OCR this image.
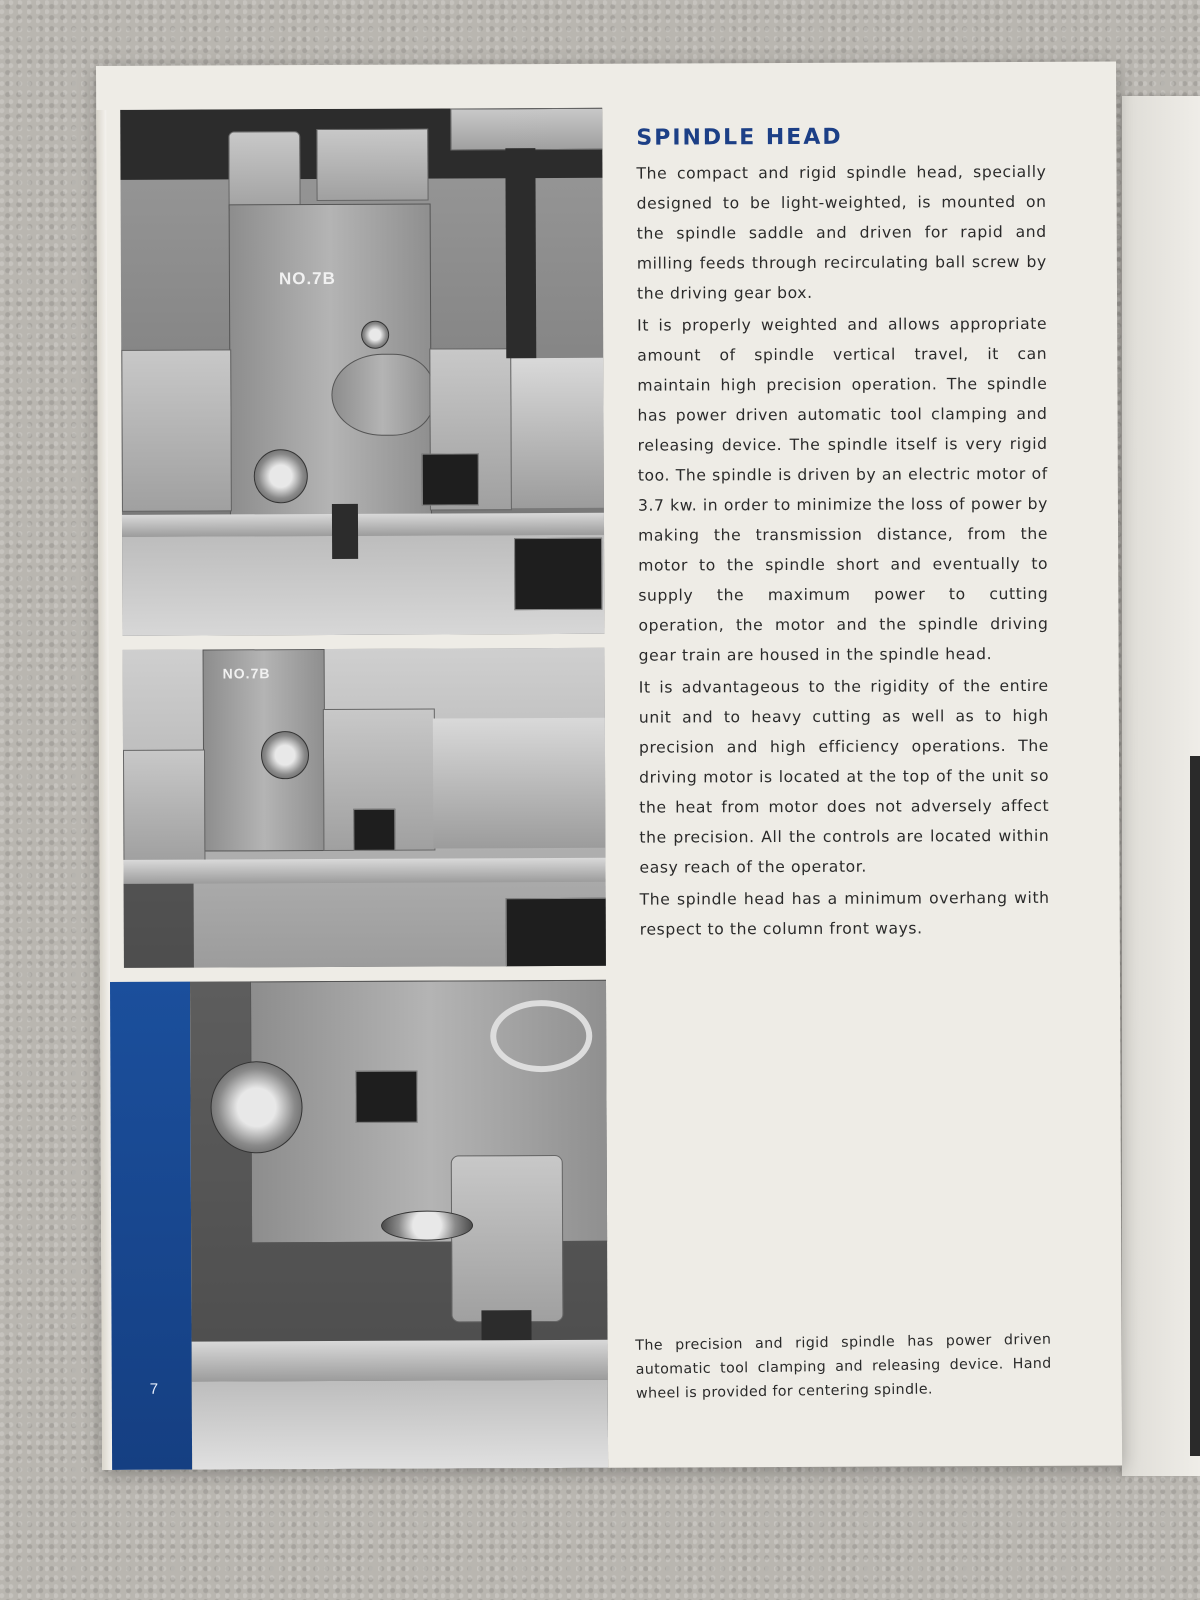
NO.7B
NO.7B
7
SPINDLE HEAD

The compact and rigid spindle head, specially designed to be light-weighted, is mounted on the spindle saddle and driven for rapid and milling feeds through recirculating ball screw by the driving gear box.

It is properly weighted and allows appropriate amount of spindle vertical travel, it can maintain high precision operation. The spindle has power driven automatic tool clamping and releasing device. The spindle itself is very rigid too. The spindle is driven by an electric motor of 3.7 kw. in order to minimize the loss of power by making the transmission distance, from the motor to the spindle short and eventually to supply the maximum power to cutting operation, the motor and the spindle driving gear train are housed in the spindle head.

It is advantageous to the rigidity of the entire unit and to heavy cutting as well as to high precision and high efficiency operations. The driving motor is located at the top of the unit so the heat from motor does not adversely affect the precision. All the controls are located within easy reach of the operator.

The spindle head has a minimum overhang with respect to the column front ways.

The precision and rigid spindle has power driven automatic tool clamping and releasing device. Hand wheel is provided for centering spindle.
